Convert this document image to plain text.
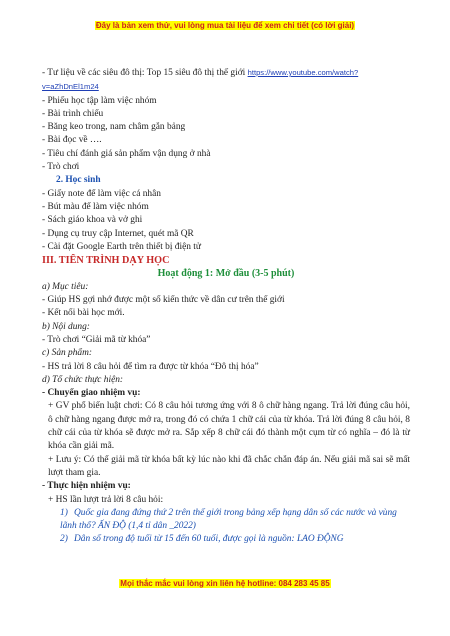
Đây là bản xem thử, vui lòng mua tài liệu để xem chi tiết (có lời giải)
- Tư liệu về các siêu đô thị: Top 15 siêu đô thị thế giới https://www.youtube.com/watch?
v=aZhDnEl1m24
- Phiếu học tập làm việc nhóm
- Bài trình chiếu
- Băng keo trong, nam châm gắn bảng
- Bài đọc về ….
- Tiêu chí đánh giá sản phẩm vận dụng ở nhà
- Trò chơi
2. Học sinh
- Giấy note để làm việc cá nhân
- Bút màu để làm việc nhóm
- Sách giáo khoa và vở ghi
- Dụng cụ truy cập Internet, quét mã QR
- Cài đặt Google Earth trên thiết bị điện tử
III. TIẾN TRÌNH DẠY HỌC
Hoạt động 1: Mở đầu (3-5 phút)
a) Mục tiêu:
- Giúp HS gợi nhớ được một số kiến thức về dân cư trên thế giới
- Kết nối bài học mới.
b) Nội dung:
- Trò chơi “Giải mã từ khóa”
c) Sản phẩm:
- HS trả lời 8 câu hỏi để tìm ra được từ khóa “Đô thị hóa”
d) Tổ chức thực hiện:
- Chuyển giao nhiệm vụ:
+ GV phổ biến luật chơi: Có 8 câu hỏi tương ứng với 8 ô chữ hàng ngang. Trả lời đúng câu hỏi, ô chữ hàng ngang được mở ra, trong đó có chứa 1 chữ cái của từ khóa. Trả lời đúng 8 câu hỏi, 8 chữ cái của từ khóa sẽ được mở ra. Sắp xếp 8 chữ cái đó thành một cụm từ có nghĩa – đó là từ khóa cần giải mã.
+ Lưu ý: Có thể giải mã từ khóa bất kỳ lúc nào khi đã chắc chắn đáp án. Nếu giải mã sai sẽ mất lượt tham gia.
- Thực hiện nhiệm vụ:
+ HS lần lượt trả lời 8 câu hỏi:
1) Quốc gia đang đứng thứ 2 trên thế giới trong bảng xếp hạng dân số các nước và vùng lãnh thổ? ẤN ĐỘ (1,4 tỉ dân _2022)
2) Dân số trong độ tuổi từ 15 đến 60 tuổi, được gọi là nguồn: LAO ĐỘNG
Mọi thắc mắc vui lòng xin liên hệ hotline: 084 283 45 85
